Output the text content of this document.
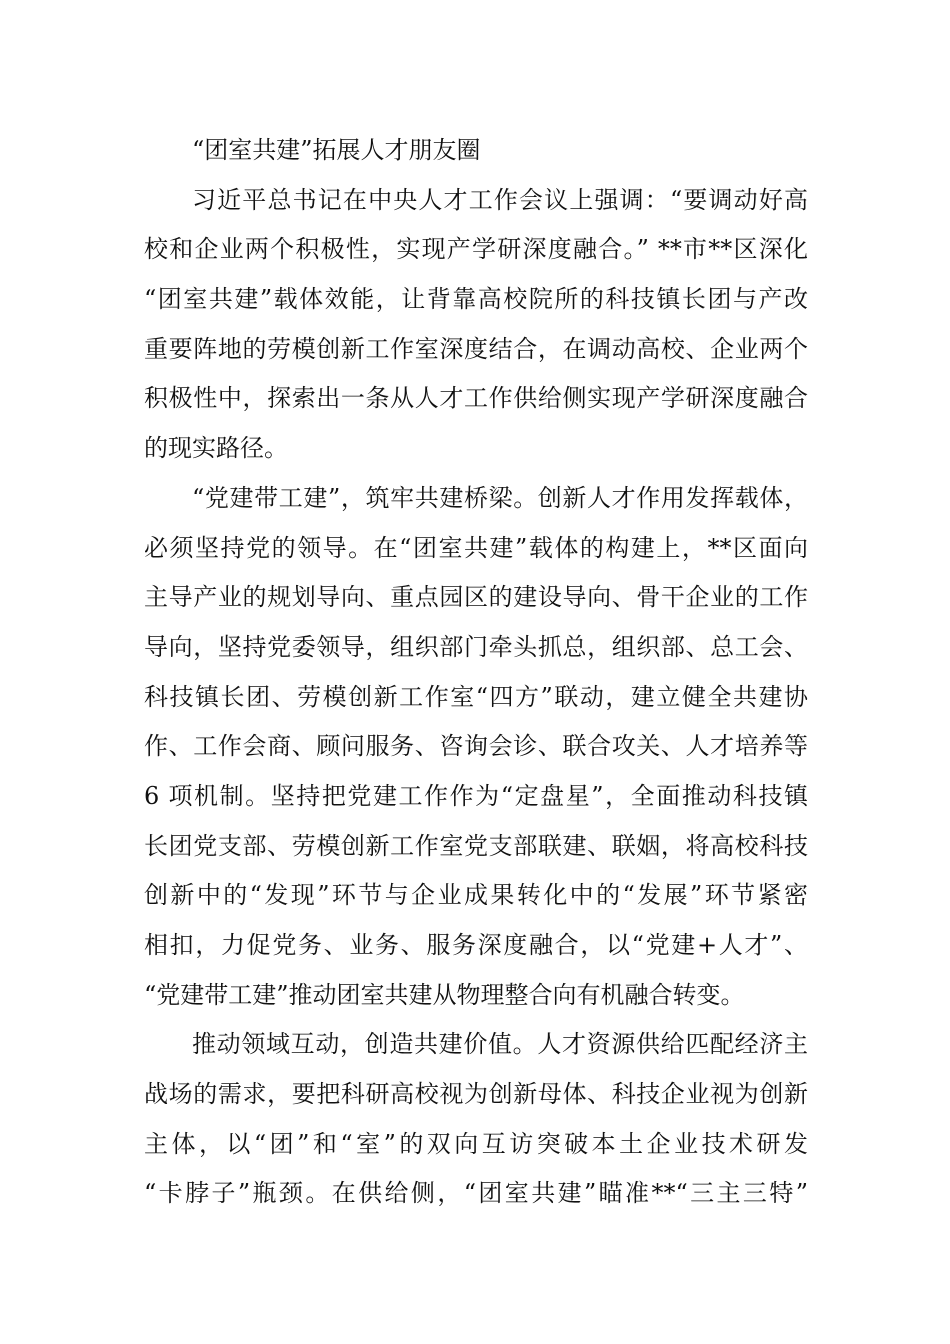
“团室共建”拓展人才朋友圈
习近平总书记在中央人才工作会议上强调：“要调动好高
校和企业两个积极性，实现产学研深度融合。” **市**区深化
“团室共建”载体效能，让背靠高校院所的科技镇长团与产改
重要阵地的劳模创新工作室深度结合，在调动高校、企业两个
积极性中，探索出一条从人才工作供给侧实现产学研深度融合
的现实路径。
“党建带工建”，筑牢共建桥梁。创新人才作用发挥载体，
必须坚持党的领导。在“团室共建”载体的构建上，**区面向
主导产业的规划导向、重点园区的建设导向、骨干企业的工作
导向，坚持党委领导，组织部门牵头抓总，组织部、总工会、
科技镇长团、劳模创新工作室“四方”联动，建立健全共建协
作、工作会商、顾问服务、咨询会诊、联合攻关、人才培养等
6 项机制。坚持把党建工作作为“定盘星”，全面推动科技镇
长团党支部、劳模创新工作室党支部联建、联姻，将高校科技
创新中的“发现”环节与企业成果转化中的“发展”环节紧密
相扣，力促党务、业务、服务深度融合，以“党建+人才”、
“党建带工建”推动团室共建从物理整合向有机融合转变。
推动领域互动，创造共建价值。人才资源供给匹配经济主
战场的需求，要把科研高校视为创新母体、科技企业视为创新
主体，以“团”和“室”的双向互访突破本土企业技术研发
“卡脖子”瓶颈。在供给侧，“团室共建”瞄准**“三主三特”
